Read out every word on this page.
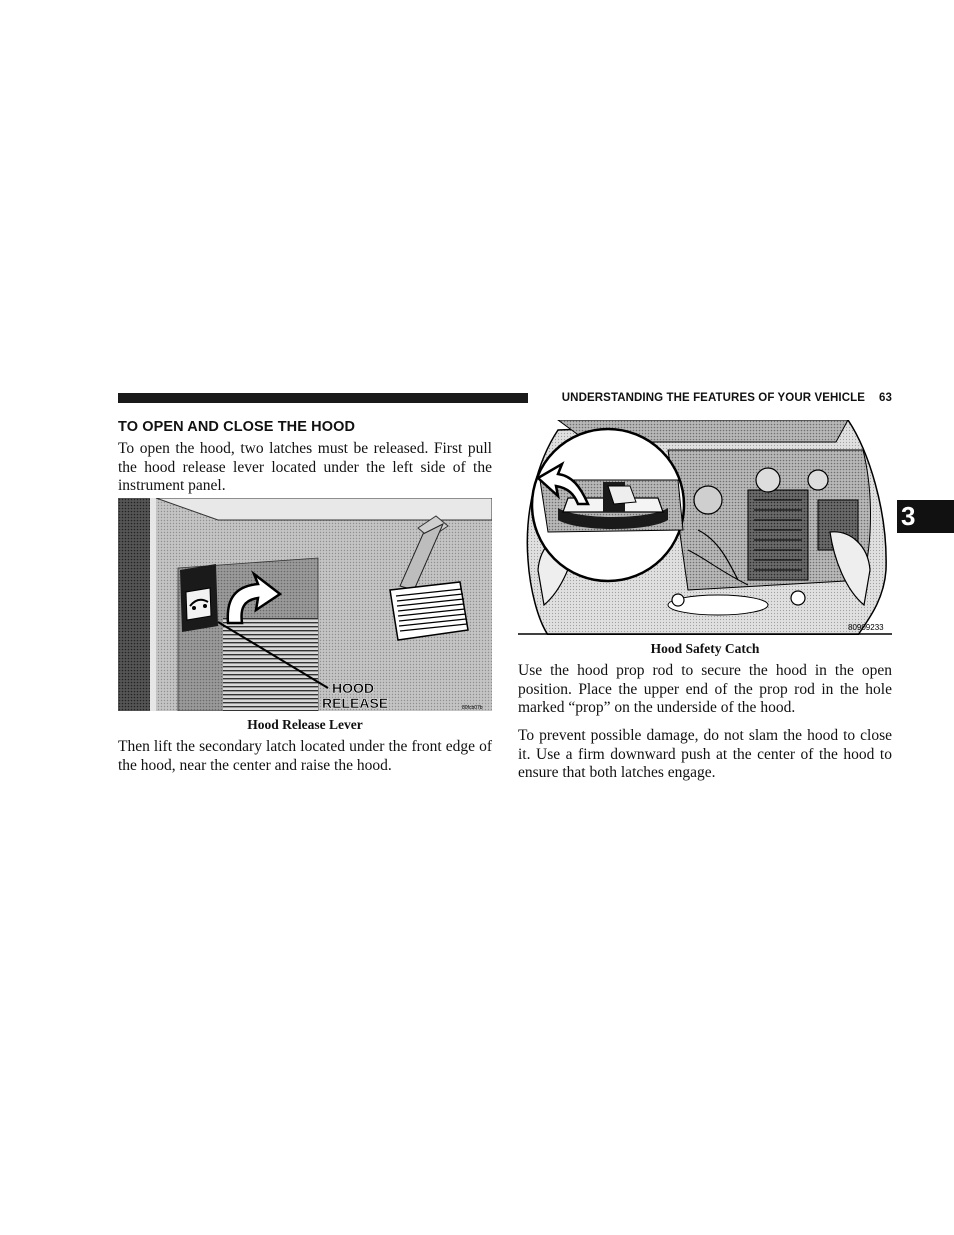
UNDERSTANDING THE FEATURES OF YOUR VEHICLE 63
3
TO OPEN AND CLOSE THE HOOD

To open the hood, two latches must be released. First pull the hood release lever located under the left side of the instrument panel.

HOOD
RELEASE	80fcb07b
Hood Release Lever

Then lift the secondary latch located under the front edge of the hood, near the center and raise the hood.

80909233
Hood Safety Catch

Use the hood prop rod to secure the hood in the open position. Place the upper end of the prop rod in the hole marked “prop” on the underside of the hood.

To prevent possible damage, do not slam the hood to close it. Use a firm downward push at the center of the hood to ensure that both latches engage.
